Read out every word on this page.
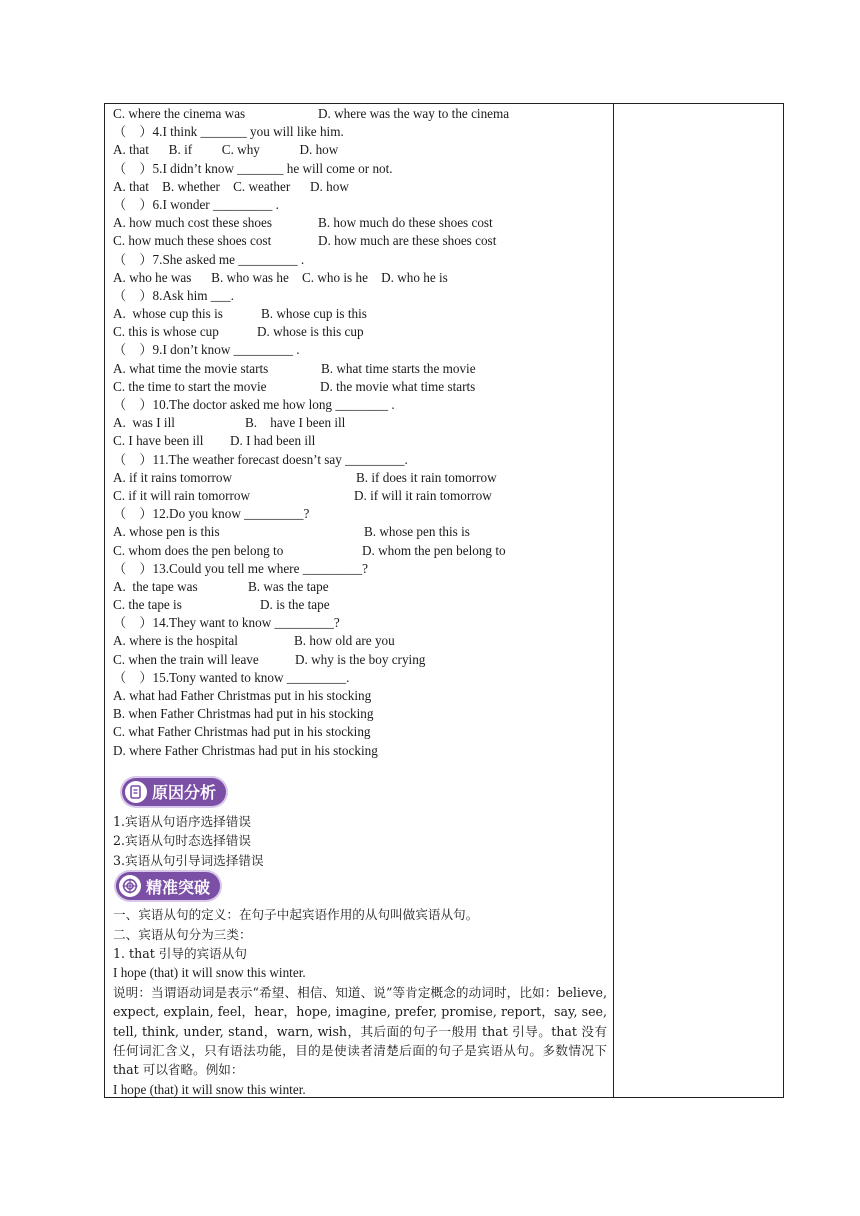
C. where the cinema was

	D. where was the way to the cinema

（    ）4.I think _______ you will like him.
A. that      B. if         C. why            D. how
（    ）5.I didn’t know _______ he will come or not.
A. that    B. whether    C. weather      D. how
（    ）6.I wonder _________ .

A. how much cost these shoes	B. how much do these shoes cost

C. how much these shoes cost	D. how much are these shoes cost

（    ）7.She asked me _________ .
A. who he was      B. who was he    C. who is he    D. who he is
（    ）8.Ask him ___.

A.  whose cup this is	B. whose cup is this

C. this is whose cup	D. whose is this cup

（    ）9.I don’t know _________ .

A. what time the movie starts	B. what time starts the movie

C. the time to start the movie	D. the movie what time starts

（    ）10.The doctor asked me how long ________ .

A.  was I ill	B.    have I been ill

C. I have been ill D. I had been ill

（    ）11.The weather forecast doesn’t say _________.

A. if it rains tomorrow	B. if does it rain tomorrow

C. if it will rain tomorrow	D. if will it rain tomorrow

（    ）12.Do you know _________?

A. whose pen is this	B. whose pen this is

C. whom does the pen belong to	D. whom the pen belong to

（    ）13.Could you tell me where _________?

A.  the tape was	B. was the tape

C. the tape is	D. is the tape

（    ）14.They want to know _________?

A. where is the hospital	B. how old are you

C. when the train will leave	D. why is the boy crying

（    ）15.Tony wanted to know _________.
A. what had Father Christmas put in his stocking
B. when Father Christmas had put in his stocking
C. what Father Christmas had put in his stocking
D. where Father Christmas had put in his stocking
原因分析
1.宾语从句语序选择错误
2.宾语从句时态选择错误
3.宾语从句引导词选择错误
精准突破
一、宾语从句的定义：在句子中起宾语作用的从句叫做宾语从句。
二、宾语从句分为三类：
1. that 引导的宾语从句
I hope (that) it will snow this winter.
说明：当谓语动词是表示“希望、相信、知道、说”等肯定概念的动词时，比如：believe, expect, explain, feel，hear，hope, imagine, prefer, promise, report，say, see, tell, think, under, stand，warn, wish，其后面的句子一般用 that 引导。that 没有任何词汇含义，只有语法功能，目的是使读者清楚后面的句子是宾语从句。多数情况下 that 可以省略。例如：
I hope (that) it will snow this winter.
